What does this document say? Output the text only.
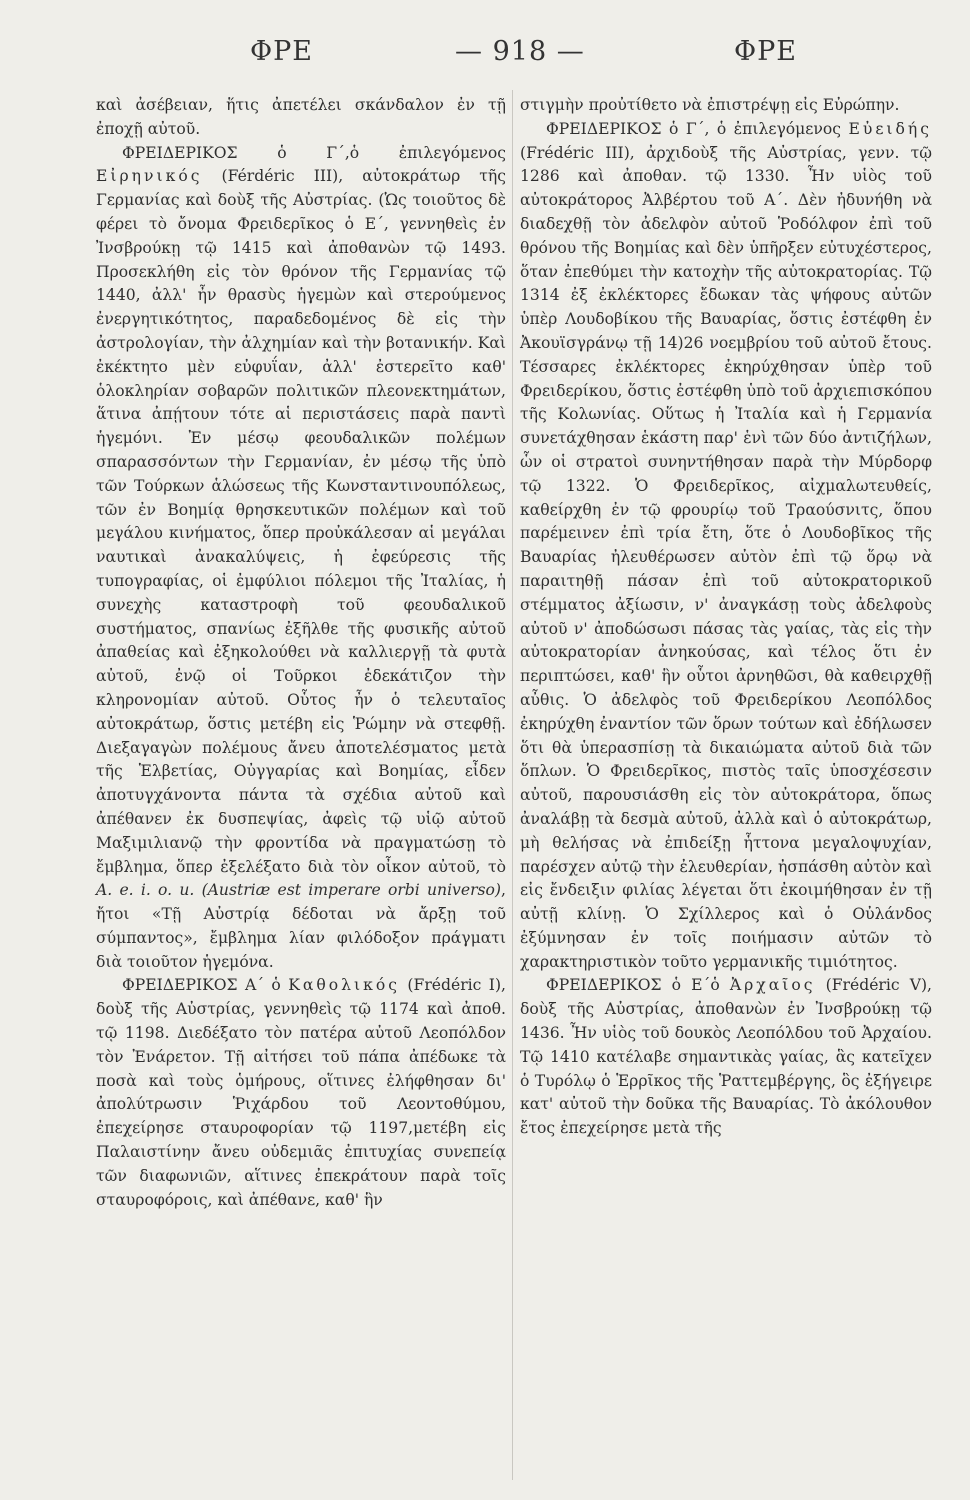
ΦΡΕ	— 918 —	ΦΡΕ

καὶ ἀσέβειαν, ἥτις ἀπετέλει σκάνδαλον ἐν τῇ ἐποχῇ αὐτοῦ.

ΦΡΕΙΔΕΡΙΚΟΣ ὁ Γ΄,ὁ ἐπιλεγόμενος Εἰρηνικός (Férdéric III), αὐτοκράτωρ τῆς Γερμανίας καὶ δοὺξ τῆς Αὐστρίας. (Ὡς τοιοῦτος δὲ φέρει τὸ ὄνομα Φρειδερῖκος ὁ Ε΄, γεννηθεὶς ἐν Ἰνσβρούκῃ τῷ 1415 καὶ ἀποθανὼν τῷ 1493. Προσεκλήθη εἰς τὸν θρόνον τῆς Γερμανίας τῷ 1440, ἀλλ' ἦν θρασὺς ἡγεμὼν καὶ στερούμενος ἐνεργητικότητος, παραδεδομένος δὲ εἰς τὴν ἀστρολογίαν, τὴν ἀλχημίαν καὶ τὴν βοτανικήν. Καὶ ἐκέκτητο μὲν εὐφυΐαν, ἀλλ' ἐστερεῖτο καθ' ὁλοκληρίαν σοβαρῶν πολιτικῶν πλεονεκτημάτων, ἅτινα ἀπῄτουν τότε αἱ περιστάσεις παρὰ παντὶ ἡγεμόνι. Ἐν μέσῳ φεουδαλικῶν πολέμων σπαρασσόντων τὴν Γερμανίαν, ἐν μέσῳ τῆς ὑπὸ τῶν Τούρκων ἁλώσεως τῆς Κωνσταντινουπόλεως, τῶν ἐν Βοημίᾳ θρησκευτικῶν πολέμων καὶ τοῦ μεγάλου κινήματος, ὅπερ προὐκάλεσαν αἱ μεγάλαι ναυτικαὶ ἀνακαλύψεις, ἡ ἐφεύρεσις τῆς τυπογραφίας, οἱ ἐμφύλιοι πόλεμοι τῆς Ἰταλίας, ἡ συνεχὴς καταστροφὴ τοῦ φεουδαλικοῦ συστήματος, σπανίως ἐξῆλθε τῆς φυσικῆς αὐτοῦ ἀπαθείας καὶ ἐξηκολούθει νὰ καλλιεργῇ τὰ φυτὰ αὐτοῦ, ἐνῷ οἱ Τοῦρκοι ἐδεκάτιζον τὴν κληρονομίαν αὐτοῦ. Οὗτος ἦν ὁ τελευταῖος αὐτοκράτωρ, ὅστις μετέβη εἰς Ῥώμην νὰ στεφθῇ. Διεξαγαγὼν πολέμους ἄνευ ἀποτελέσματος μετὰ τῆς Ἑλβετίας, Οὐγγαρίας καὶ Βοημίας, εἶδεν ἀποτυγχάνοντα πάντα τὰ σχέδια αὐτοῦ καὶ ἀπέθανεν ἐκ δυσπεψίας, ἀφεὶς τῷ υἱῷ αὐτοῦ Μαξιμιλιανῷ τὴν φροντίδα νὰ πραγματώσῃ τὸ ἔμβλημα, ὅπερ ἐξελέξατο διὰ τὸν οἶκον αὐτοῦ, τὸ A. e. i. o. u. (Austriæ est imperare orbi universo), ἤτοι «Τῇ Αὐστρίᾳ δέδοται νὰ ἄρξῃ τοῦ σύμπαντος», ἔμβλημα λίαν φιλόδοξον πράγματι διὰ τοιοῦτον ἡγεμόνα.

ΦΡΕΙΔΕΡΙΚΟΣ Α΄ ὁ Καθολικός (Frédéric I), δοὺξ τῆς Αὐστρίας, γεννηθεὶς τῷ 1174 καὶ ἀποθ. τῷ 1198. Διεδέξατο τὸν πατέρα αὐτοῦ Λεοπόλδον τὸν Ἐνάρετον. Τῇ αἰτήσει τοῦ πάπα ἀπέδωκε τὰ ποσὰ καὶ τοὺς ὁμήρους, οἵτινες ἐλήφθησαν δι' ἀπολύτρωσιν Ῥιχάρδου τοῦ Λεοντοθύμου, ἐπεχείρησε σταυροφορίαν τῷ 1197,μετέβη εἰς Παλαιστίνην ἄνευ οὐδεμιᾶς ἐπιτυχίας συνεπείᾳ τῶν διαφωνιῶν, αἵτινες ἐπεκράτουν παρὰ τοῖς σταυροφόροις, καὶ ἀπέθανε, καθ' ἣν

στιγμὴν προὐτίθετο νὰ ἐπιστρέψῃ εἰς Εὐρώπην.

ΦΡΕΙΔΕΡΙΚΟΣ ὁ Γ΄, ὁ ἐπιλεγόμενος Εὐειδής (Frédéric III), ἀρχιδοὺξ τῆς Αὐστρίας, γενν. τῷ 1286 καὶ ἀποθαν. τῷ 1330. Ἦν υἱὸς τοῦ αὐτοκράτορος Ἀλβέρτου τοῦ Α΄. Δὲν ἠδυνήθη νὰ διαδεχθῇ τὸν ἀδελφὸν αὐτοῦ Ῥοδόλφον ἐπὶ τοῦ θρόνου τῆς Βοημίας καὶ δὲν ὑπῆρξεν εὐτυχέστερος, ὅταν ἐπεθύμει τὴν κατοχὴν τῆς αὐτοκρατορίας. Τῷ 1314 ἐξ ἐκλέκτορες ἔδωκαν τὰς ψήφους αὐτῶν ὑπὲρ Λουδοβίκου τῆς Βαυαρίας, ὅστις ἐστέφθη ἐν Ἀκουϊσγράνῳ τῇ 14)26 νοεμβρίου τοῦ αὐτοῦ ἔτους. Τέσσαρες ἐκλέκτορες ἐκηρύχθησαν ὑπὲρ τοῦ Φρειδερίκου, ὅστις ἐστέφθη ὑπὸ τοῦ ἀρχιεπισκόπου τῆς Κολωνίας. Οὕτως ἡ Ἰταλία καὶ ἡ Γερμανία συνετάχθησαν ἑκάστη παρ' ἑνὶ τῶν δύο ἀντιζήλων, ὧν οἱ στρατοὶ συνηντήθησαν παρὰ τὴν Μύρδορφ τῷ 1322. Ὁ Φρειδερῖκος, αἰχμαλωτευθείς, καθείρχθη ἐν τῷ φρουρίῳ τοῦ Τραούσνιτς, ὅπου παρέμεινεν ἐπὶ τρία ἔτη, ὅτε ὁ Λουδοβῖκος τῆς Βαυαρίας ἠλευθέρωσεν αὐτὸν ἐπὶ τῷ ὅρῳ νὰ παραιτηθῇ πάσαν ἐπὶ τοῦ αὐτοκρατορικοῦ στέμματος ἀξίωσιν, ν' ἀναγκάσῃ τοὺς ἀδελφοὺς αὐτοῦ ν' ἀποδώσωσι πάσας τὰς γαίας, τὰς εἰς τὴν αὐτοκρατορίαν ἀνηκούσας, καὶ τέλος ὅτι ἐν περιπτώσει, καθ' ἣν οὗτοι ἀρνηθῶσι, θὰ καθειρχθῇ αὖθις. Ὁ ἀδελφὸς τοῦ Φρειδερίκου Λεοπόλδος ἐκηρύχθη ἐναντίον τῶν ὅρων τούτων καὶ ἐδήλωσεν ὅτι θὰ ὑπερασπίσῃ τὰ δικαιώματα αὐτοῦ διὰ τῶν ὅπλων. Ὁ Φρειδερῖκος, πιστὸς ταῖς ὑποσχέσεσιν αὐτοῦ, παρουσιάσθη εἰς τὸν αὐτοκράτορα, ὅπως ἀναλάβῃ τὰ δεσμὰ αὐτοῦ, ἀλλὰ καὶ ὁ αὐτοκράτωρ, μὴ θελήσας νὰ ἐπιδείξῃ ἧττονα μεγαλοψυχίαν, παρέσχεν αὐτῷ τὴν ἐλευθερίαν, ἠσπάσθη αὐτὸν καὶ εἰς ἔνδειξιν φιλίας λέγεται ὅτι ἐκοιμήθησαν ἐν τῇ αὐτῇ κλίνῃ. Ὁ Σχίλλερος καὶ ὁ Οὐλάνδος ἐξύμνησαν ἐν τοῖς ποιήμασιν αὐτῶν τὸ χαρακτηριστικὸν τοῦτο γερμανικῆς τιμιότητος.

ΦΡΕΙΔΕΡΙΚΟΣ ὁ Ε΄ὁ Ἀρχαῖος (Frédéric V), δοὺξ τῆς Αὐστρίας, ἀποθανὼν ἐν Ἰνσβρούκῃ τῷ 1436. Ἦν υἱὸς τοῦ δουκὸς Λεοπόλδου τοῦ Ἀρχαίου. Τῷ 1410 κατέλαβε σημαντικὰς γαίας, ἃς κατεῖχεν ὁ Τυρόλῳ ὁ Ἑρρῖκος τῆς Ῥαττεμβέργης, ὃς ἐξήγειρε κατ' αὐτοῦ τὴν δοῦκα τῆς Βαυαρίας. Τὸ ἀκόλουθον ἔτος ἐπεχείρησε μετὰ τῆς
